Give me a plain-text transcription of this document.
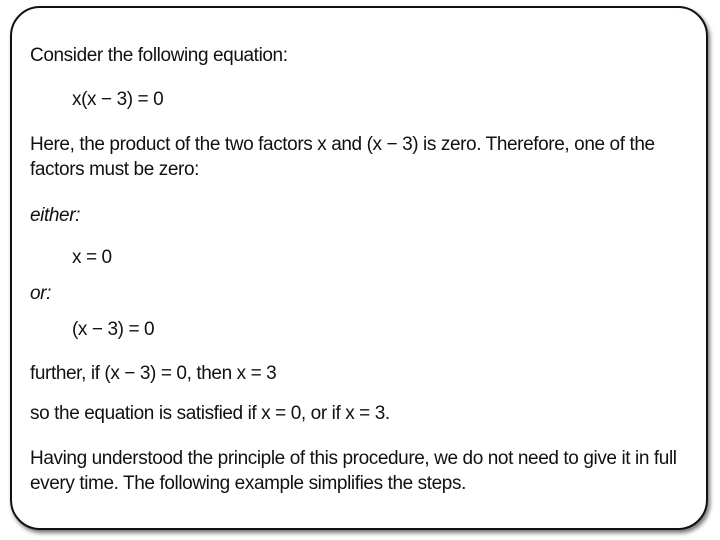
Consider the following equation:
x(x − 3) = 0
Here, the product of the two factors x and (x − 3) is zero. Therefore, one of the factors must be zero:
either:
x = 0
or:
(x − 3) = 0
further, if (x − 3) = 0, then x = 3
so the equation is satisfied if x = 0, or if x = 3.
Having understood the principle of this procedure, we do not need to give it in full every time. The following example simplifies the steps.
